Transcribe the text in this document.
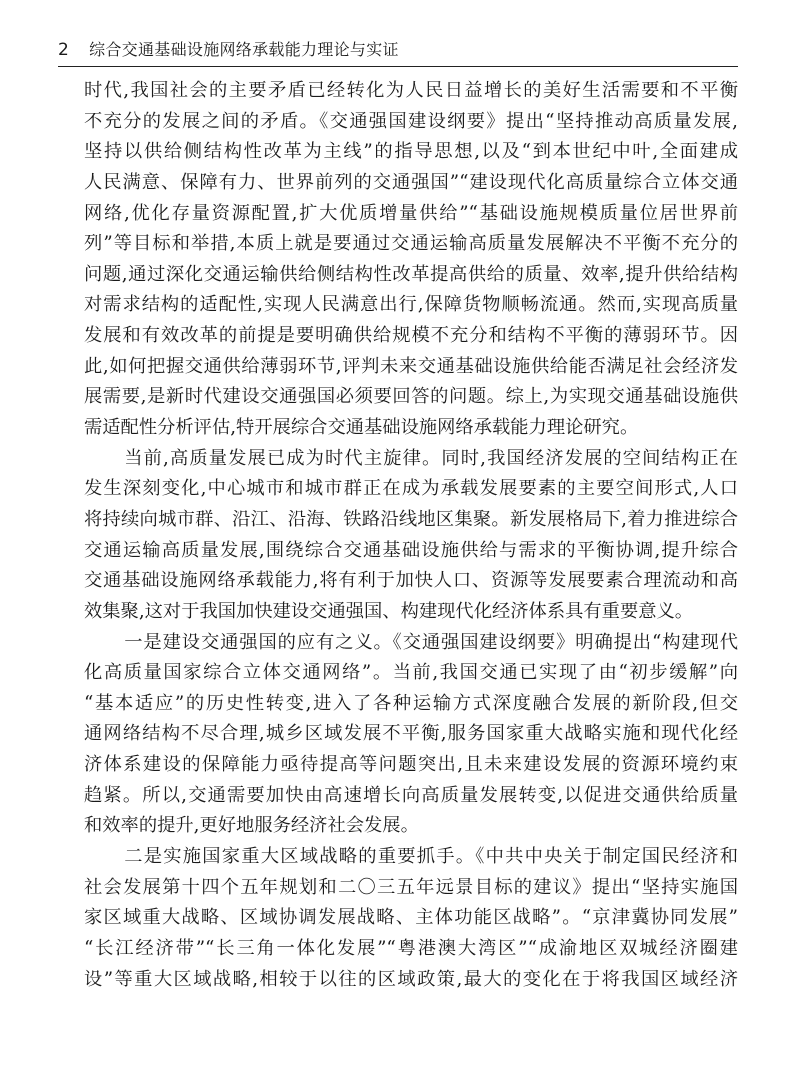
2 综合交通基础设施网络承载能力理论与实证
时代,我国社会的主要矛盾已经转化为人民日益增长的美好生活需要和不平衡
不充分的发展之间的矛盾。《交通强国建设纲要》提出“坚持推动高质量发展,
坚持以供给侧结构性改革为主线”的指导思想,以及“到本世纪中叶,全面建成
人民满意、保障有力、世界前列的交通强国”“建设现代化高质量综合立体交通
网络,优化存量资源配置,扩大优质增量供给”“基础设施规模质量位居世界前
列”等目标和举措,本质上就是要通过交通运输高质量发展解决不平衡不充分的
问题,通过深化交通运输供给侧结构性改革提高供给的质量、效率,提升供给结构
对需求结构的适配性,实现人民满意出行,保障货物顺畅流通。然而,实现高质量
发展和有效改革的前提是要明确供给规模不充分和结构不平衡的薄弱环节。因
此,如何把握交通供给薄弱环节,评判未来交通基础设施供给能否满足社会经济发
展需要,是新时代建设交通强国必须要回答的问题。综上,为实现交通基础设施供
需适配性分析评估,特开展综合交通基础设施网络承载能力理论研究。
当前,高质量发展已成为时代主旋律。同时,我国经济发展的空间结构正在
发生深刻变化,中心城市和城市群正在成为承载发展要素的主要空间形式,人口
将持续向城市群、沿江、沿海、铁路沿线地区集聚。新发展格局下,着力推进综合
交通运输高质量发展,围绕综合交通基础设施供给与需求的平衡协调,提升综合
交通基础设施网络承载能力,将有利于加快人口、资源等发展要素合理流动和高
效集聚,这对于我国加快建设交通强国、构建现代化经济体系具有重要意义。
一是建设交通强国的应有之义。《交通强国建设纲要》明确提出“构建现代
化高质量国家综合立体交通网络”。当前,我国交通已实现了由“初步缓解”向
“基本适应”的历史性转变,进入了各种运输方式深度融合发展的新阶段,但交
通网络结构不尽合理,城乡区域发展不平衡,服务国家重大战略实施和现代化经
济体系建设的保障能力亟待提高等问题突出,且未来建设发展的资源环境约束
趋紧。所以,交通需要加快由高速增长向高质量发展转变,以促进交通供给质量
和效率的提升,更好地服务经济社会发展。
二是实施国家重大区域战略的重要抓手。《中共中央关于制定国民经济和
社会发展第十四个五年规划和二〇三五年远景目标的建议》提出“坚持实施国
家区域重大战略、区域协调发展战略、主体功能区战略”。“京津冀协同发展”
“长江经济带”“长三角一体化发展”“粤港澳大湾区”“成渝地区双城经济圈建
设”等重大区域战略,相较于以往的区域政策,最大的变化在于将我国区域经济
